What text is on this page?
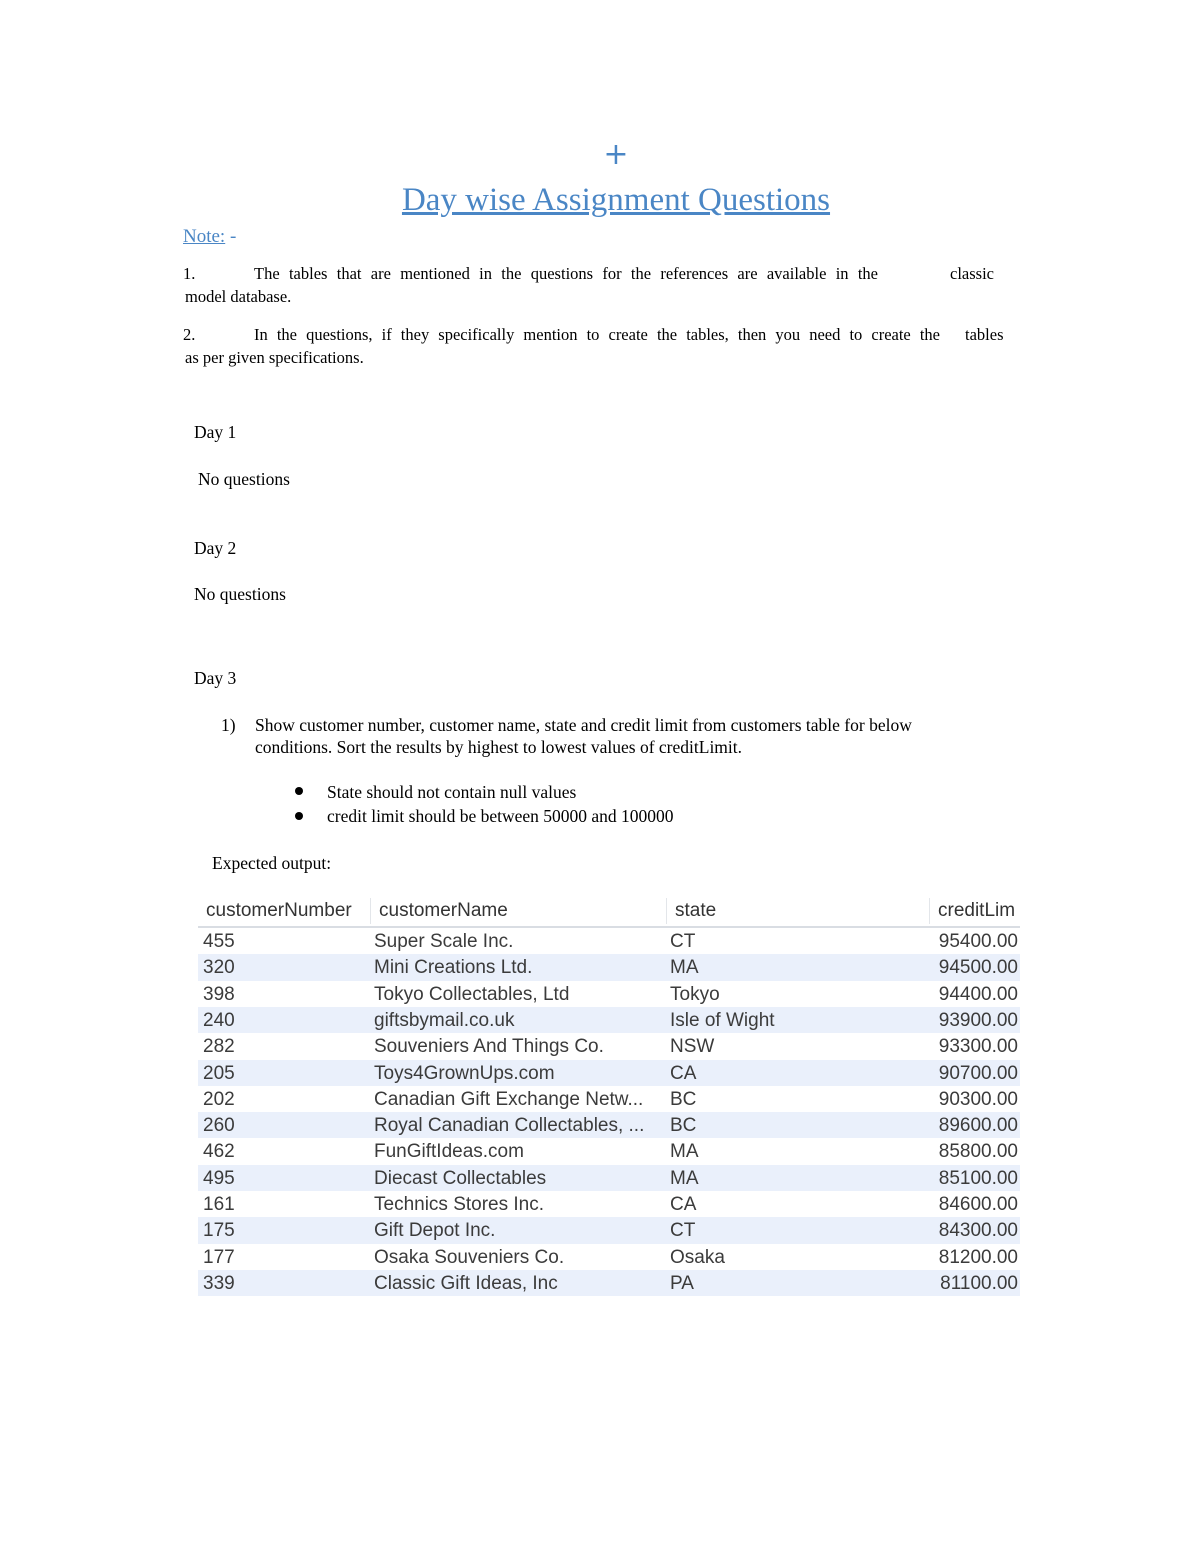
+
Day wise Assignment Questions
Note: -
1.	The tables that are mentioned in the questions for the references are available in the	classic
model database.
2.	In the questions, if they specifically mention to create the tables, then you need to create the tables
as per given specifications.
Day 1
No questions
Day 2
No questions
Day 3
1) Show customer number, customer name, state and credit limit from customers table for below
conditions. Sort the results by highest to lowest values of creditLimit.
State should not contain null values
credit limit should be between 50000 and 100000
Expected output:
customerNumber	customerName	state	creditLim
455	Super Scale Inc.	CT	95400.00
320	Mini Creations Ltd.	MA	94500.00
398	Tokyo Collectables, Ltd	Tokyo	94400.00
240	giftsbymail.co.uk	Isle of Wight	93900.00
282	Souveniers And Things Co.	NSW	93300.00
205	Toys4GrownUps.com	CA	90700.00
202	Canadian Gift Exchange Netw...	BC	90300.00
260	Royal Canadian Collectables, ...	BC	89600.00
462	FunGiftIdeas.com	MA	85800.00
495	Diecast Collectables	MA	85100.00
161	Technics Stores Inc.	CA	84600.00
175	Gift Depot Inc.	CT	84300.00
177	Osaka Souveniers Co.	Osaka	81200.00
339	Classic Gift Ideas, Inc	PA	81100.00
